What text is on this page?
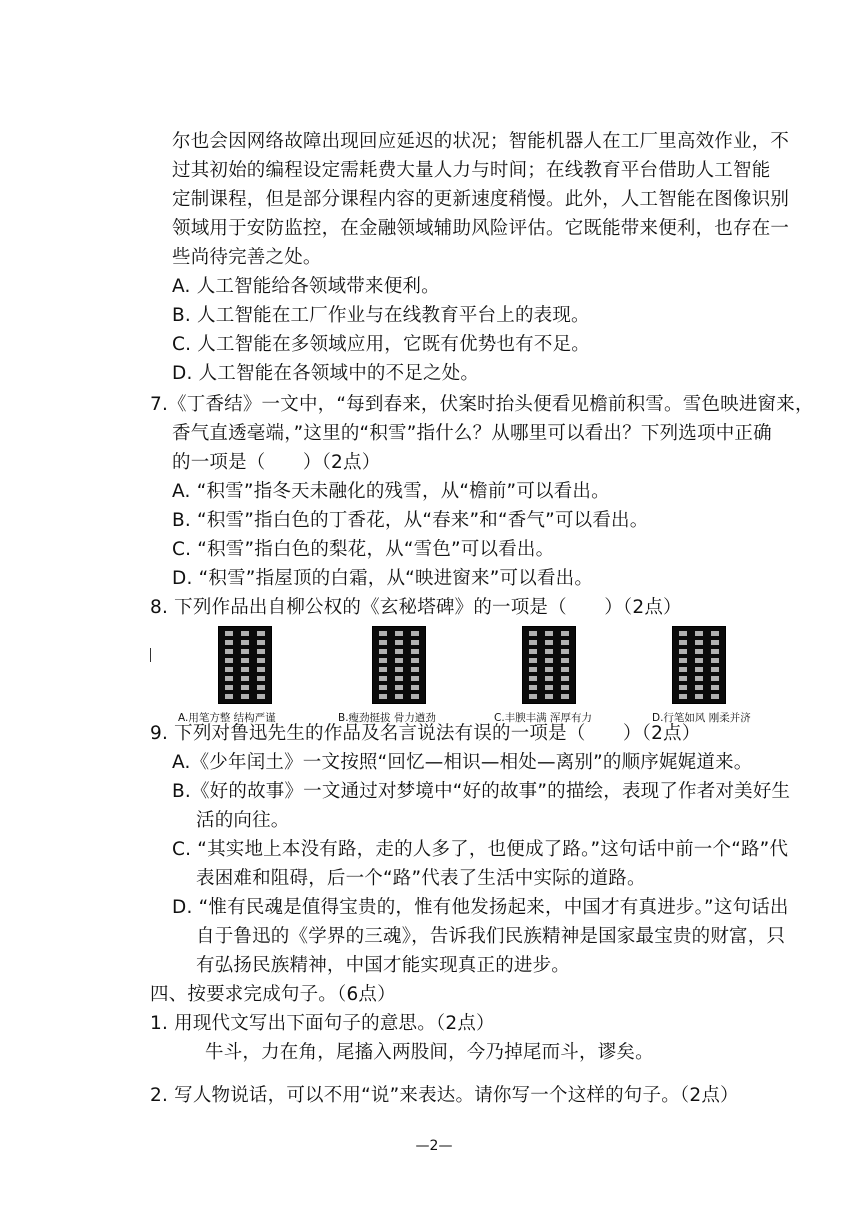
尔也会因网络故障出现回应延迟的状况；智能机器人在工厂里高效作业，不
过其初始的编程设定需耗费大量人力与时间；在线教育平台借助人工智能
定制课程，但是部分课程内容的更新速度稍慢。此外，人工智能在图像识别
领域用于安防监控，在金融领域辅助风险评估。它既能带来便利，也存在一
些尚待完善之处。
A. 人工智能给各领域带来便利。
B. 人工智能在工厂作业与在线教育平台上的表现。
C. 人工智能在多领域应用，它既有优势也有不足。
D. 人工智能在各领域中的不足之处。
7.《丁香结》一文中，“每到春来，伏案时抬头便看见檐前积雪。雪色映进窗来，
香气直透毫端，”这里的“积雪”指什么？从哪里可以看出？下列选项中正确
的一项是（　　）（2点）
A. “积雪”指冬天未融化的残雪，从“檐前”可以看出。
B. “积雪”指白色的丁香花，从“春来”和“香气”可以看出。
C. “积雪”指白色的梨花，从“雪色”可以看出。
D. “积雪”指屋顶的白霜，从“映进窗来”可以看出。
8. 下列作品出自柳公权的《玄秘塔碑》的一项是（　　）（2点）
A.用笔方整 结构严谨	B.瘦劲挺拔 骨力遒劲	C.丰腴丰满 浑厚有力	D.行笔如风 刚柔并济
9. 下列对鲁迅先生的作品及名言说法有误的一项是（　　）（2点）
A.《少年闰土》一文按照“回忆—相识—相处—离别”的顺序娓娓道来。
B.《好的故事》一文通过对梦境中“好的故事”的描绘，表现了作者对美好生
活的向往。
C. “其实地上本没有路，走的人多了，也便成了路。”这句话中前一个“路”代
表困难和阻碍，后一个“路”代表了生活中实际的道路。
D. “惟有民魂是值得宝贵的，惟有他发扬起来，中国才有真进步。”这句话出
自于鲁迅的《学界的三魂》，告诉我们民族精神是国家最宝贵的财富，只
有弘扬民族精神，中国才能实现真正的进步。
四、按要求完成句子。（6点）
1. 用现代文写出下面句子的意思。（2点）
牛斗，力在角，尾搐入两股间，今乃掉尾而斗，谬矣。
2. 写人物说话，可以不用“说”来表达。请你写一个这样的句子。（2点）
—2—
